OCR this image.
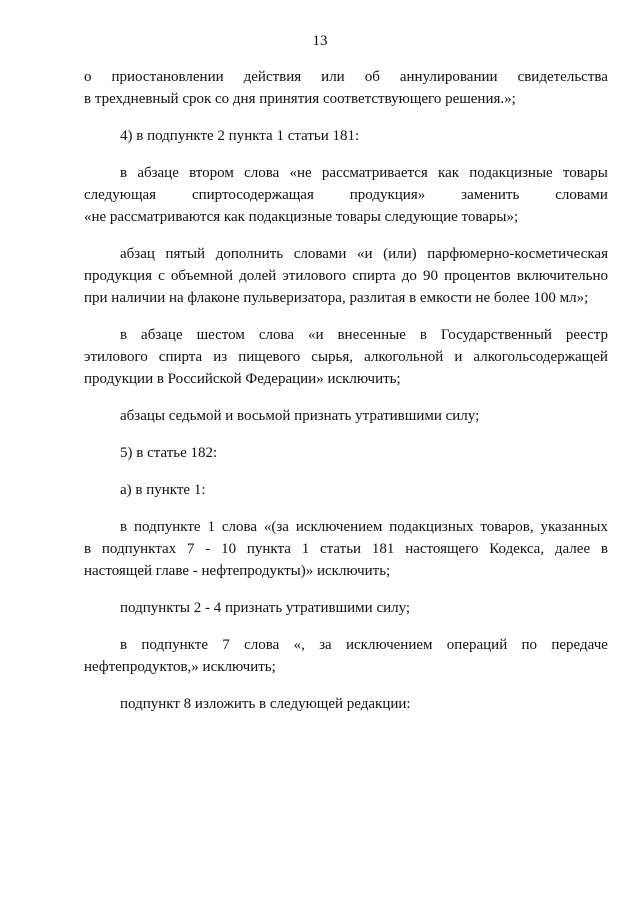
13
о приостановлении действия или об аннулировании свидетельства
в трехдневный срок со дня принятия соответствующего решения.»;
4) в подпункте 2 пункта 1 статьи 181:
в абзаце втором слова «не рассматривается как подакцизные товары
следующая спиртосодержащая продукция» заменить словами
«не рассматриваются как подакцизные товары следующие товары»;
абзац пятый дополнить словами «и (или) парфюмерно-косметическая
продукция с объемной долей этилового спирта до 90 процентов включительно
при наличии на флаконе пульверизатора, разлитая в емкости не более 100 мл»;
в абзаце шестом слова «и внесенные в Государственный реестр
этилового спирта из пищевого сырья, алкогольной и алкогольсодержащей
продукции в Российской Федерации» исключить;
абзацы седьмой и восьмой признать утратившими силу;
5) в статье 182:
а) в пункте 1:
в подпункте 1 слова «(за исключением подакцизных товаров, указанных
в подпунктах 7 - 10 пункта 1 статьи 181 настоящего Кодекса, далее в
настоящей главе - нефтепродукты)» исключить;
подпункты 2 - 4 признать утратившими силу;
в подпункте 7 слова «, за исключением операций по передаче
нефтепродуктов,» исключить;
подпункт 8 изложить в следующей редакции:
